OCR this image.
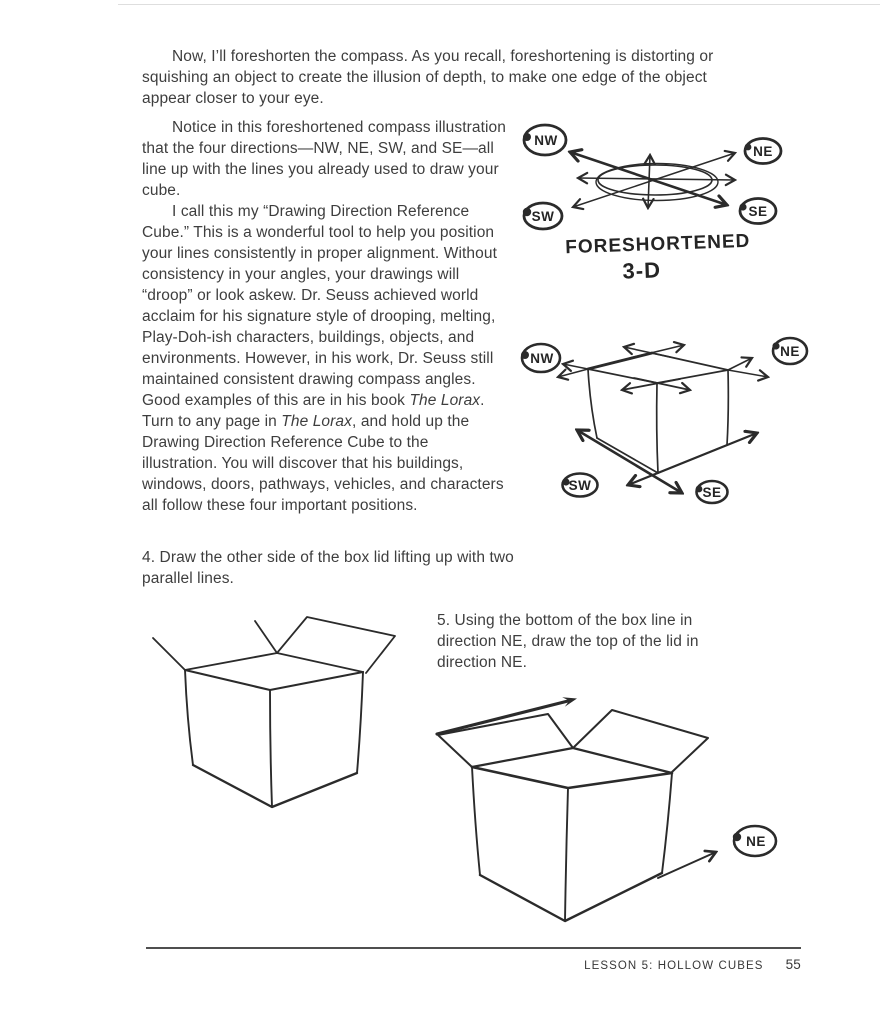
Now, I’ll foreshorten the compass. As you recall, foreshortening is distorting or squishing an object to create the illusion of depth, to make one edge of the object appear closer to your eye.

Notice in this foreshortened compass illustration that the four directions—NW, NE, SW, and SE—all line up with the lines you already used to draw your cube.

I call this my “Drawing Direction Reference Cube.” This is a wonderful tool to help you position your lines consistently in proper alignment. Without consistency in your angles, your drawings will “droop” or look askew. Dr. Seuss achieved world acclaim for his signature style of drooping, melting, Play-Doh-ish characters, buildings, objects, and environments. However, in his work, Dr. Seuss still maintained consistent drawing compass angles. Good examples of this are in his book The Lorax. Turn to any page in The Lorax, and hold up the Drawing Direction Reference Cube to the illustration. You will discover that his buildings, windows, doors, pathways, vehicles, and characters all follow these four important positions.

4. Draw the other side of the box lid lifting up with two parallel lines.

5. Using the bottom of the box line in direction NE, draw the top of the lid in direction NE.

NW
NE
SW	SE
FORESHORTENED
3-D
NW	NE
SW	SE
NE
LESSON 5: HOLLOW CUBES 55
